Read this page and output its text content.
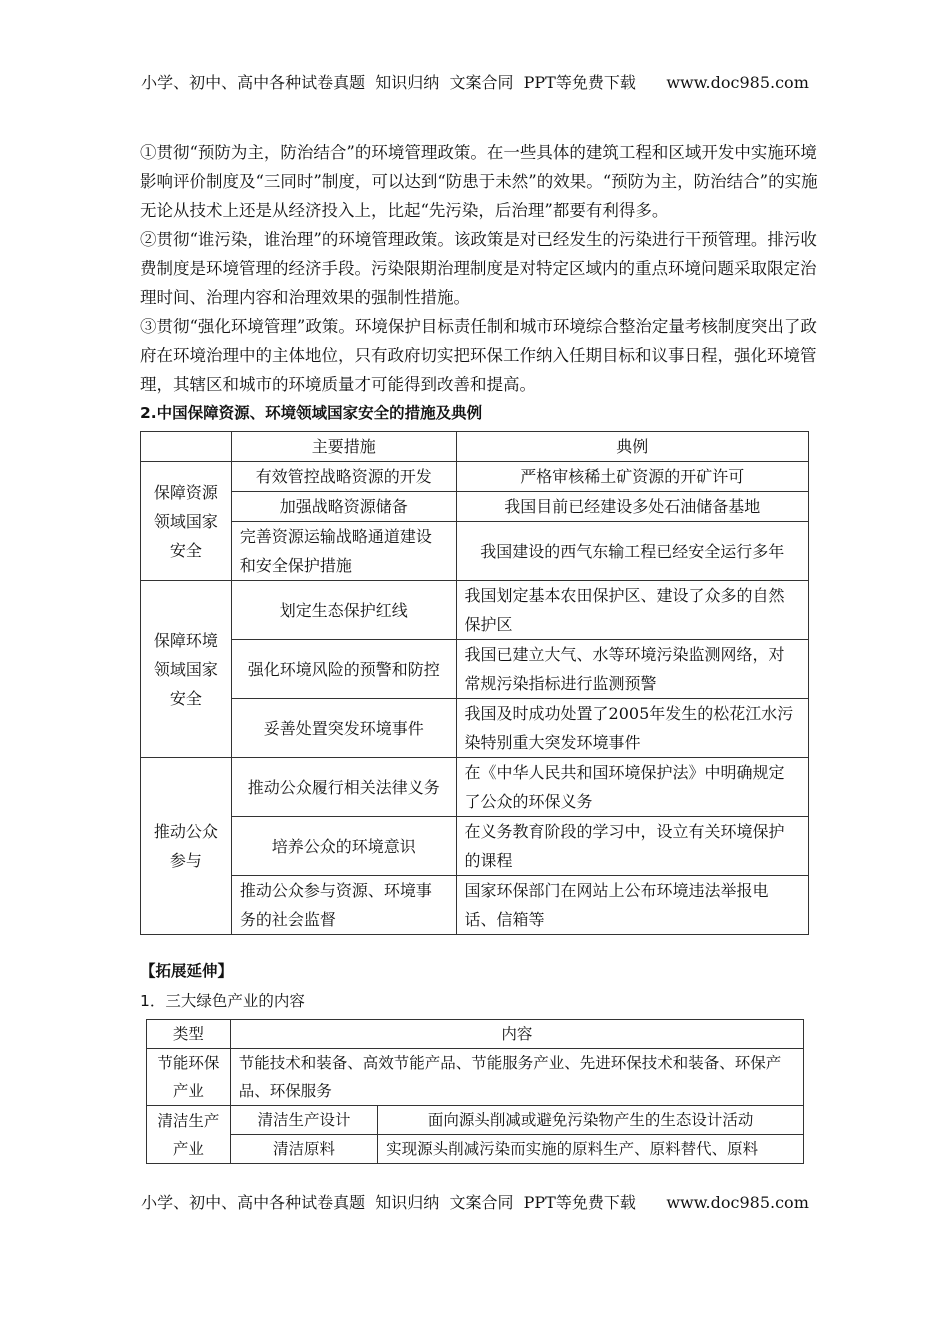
小学、初中、高中各种试卷真题  知识归纳  文案合同  PPT等免费下载      www.doc985.com

①贯彻“预防为主，防治结合”的环境管理政策。在一些具体的建筑工程和区域开发中实施环境影响评价制度及“三同时”制度，可以达到“防患于未然”的效果。“预防为主，防治结合”的实施无论从技术上还是从经济投入上，比起“先污染，后治理”都要有利得多。

②贯彻“谁污染，谁治理”的环境管理政策。该政策是对已经发生的污染进行干预管理。排污收费制度是环境管理的经济手段。污染限期治理制度是对特定区域内的重点环境问题采取限定治理时间、治理内容和治理效果的强制性措施。

③贯彻“强化环境管理”政策。环境保护目标责任制和城市环境综合整治定量考核制度突出了政府在环境治理中的主体地位，只有政府切实把环保工作纳入任期目标和议事日程，强化环境管理，其辖区和城市的环境质量才可能得到改善和提高。

2.中国保障资源、环境领域国家安全的措施及典例
	主要措施	典例
保障资源领域国家安全	有效管控战略资源的开发	严格审核稀土矿资源的开矿许可
	加强战略资源储备	我国目前已经建设多处石油储备基地
	完善资源运输战略通道建设和安全保护措施	我国建设的西气东输工程已经安全运行多年
保障环境领域国家安全	划定生态保护红线	我国划定基本农田保护区、建设了众多的自然保护区
	强化环境风险的预警和防控	我国已建立大气、水等环境污染监测网络，对常规污染指标进行监测预警
	妥善处置突发环境事件	我国及时成功处置了2005年发生的松花江水污染特别重大突发环境事件
推动公众参与	推动公众履行相关法律义务	在《中华人民共和国环境保护法》中明确规定了公众的环保义务
	培养公众的环境意识	在义务教育阶段的学习中，设立有关环境保护的课程
	推动公众参与资源、环境事务的社会监督	国家环保部门在网站上公布环境违法举报电话、信箱等
【拓展延伸】
1．三大绿色产业的内容
类型	内容	
节能环保产业	节能技术和装备、高效节能产品、节能服务产业、先进环保技术和装备、环保产品、环保服务	
清洁生产产业	清洁生产设计	面向源头削减或避免污染物产生的生态设计活动
	清洁原料	实现源头削减污染而实施的原料生产、原料替代、原料
小学、初中、高中各种试卷真题  知识归纳  文案合同  PPT等免费下载      www.doc985.com
